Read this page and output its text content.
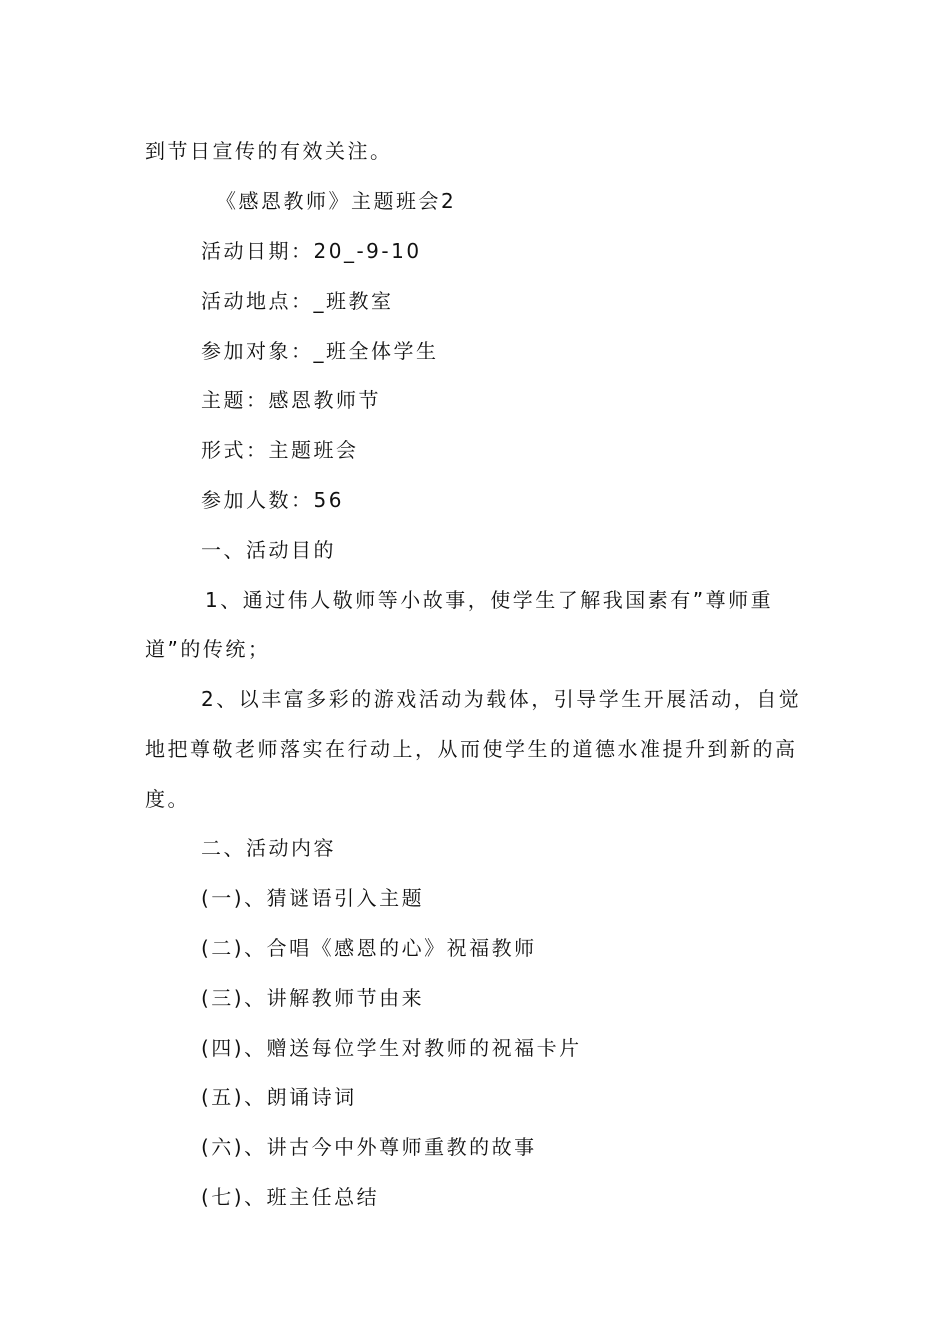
到节日宣传的有效关注。
《感恩教师》主题班会2
活动日期：20_-9-10
活动地点：_班教室
参加对象：_班全体学生
主题：感恩教师节
形式：主题班会
参加人数：56
一、活动目的
1、通过伟人敬师等小故事，使学生了解我国素有”尊师重
道”的传统；
2、以丰富多彩的游戏活动为载体，引导学生开展活动，自觉
地把尊敬老师落实在行动上，从而使学生的道德水准提升到新的高
度。
二、活动内容
(一)、猜谜语引入主题
(二)、合唱《感恩的心》祝福教师
(三)、讲解教师节由来
(四)、赠送每位学生对教师的祝福卡片
(五)、朗诵诗词
(六)、讲古今中外尊师重教的故事
(七)、班主任总结
